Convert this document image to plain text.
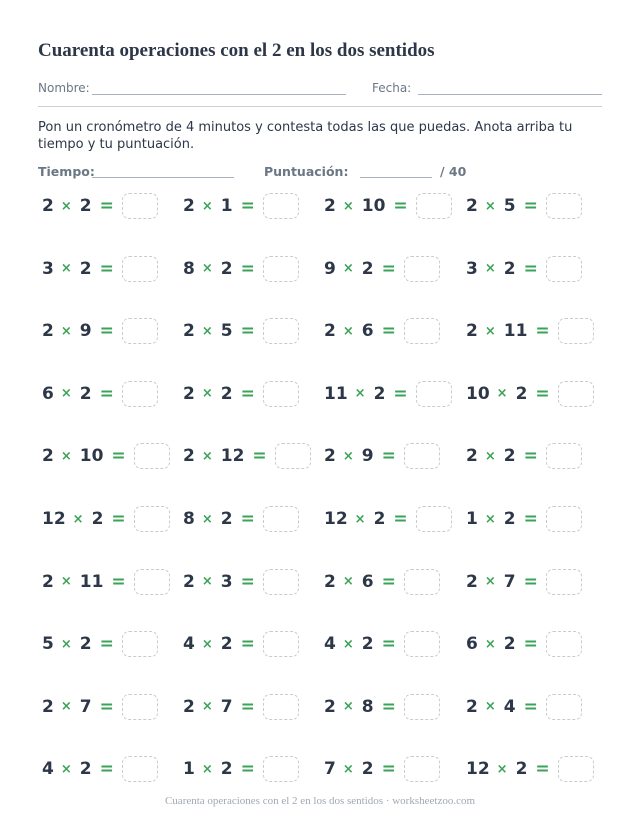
Cuarenta operaciones con el 2 en los dos sentidos
Nombre:	Fecha:
Pon un cronómetro de 4 minutos y contesta todas las que puedas. Anota arriba tu tiempo y tu puntuación.
Tiempo:	Puntuación:	/ 40
2 × 2 =	2 × 1 =	2 × 10 =	2 × 5 =
3 × 2 =	8 × 2 =	9 × 2 =	3 × 2 =
2 × 9 =	2 × 5 =	2 × 6 =	2 × 11 =
6 × 2 =	2 × 2 =	11 × 2 =	10 × 2 =
2 × 10 =	2 × 12 =	2 × 9 =	2 × 2 =
12 × 2 =	8 × 2 =	12 × 2 =	1 × 2 =
2 × 11 =	2 × 3 =	2 × 6 =	2 × 7 =
5 × 2 =	4 × 2 =	4 × 2 =	6 × 2 =
2 × 7 =	2 × 7 =	2 × 8 =	2 × 4 =
4 × 2 =	1 × 2 =	7 × 2 =	12 × 2 =
Cuarenta operaciones con el 2 en los dos sentidos · worksheetzoo.com
